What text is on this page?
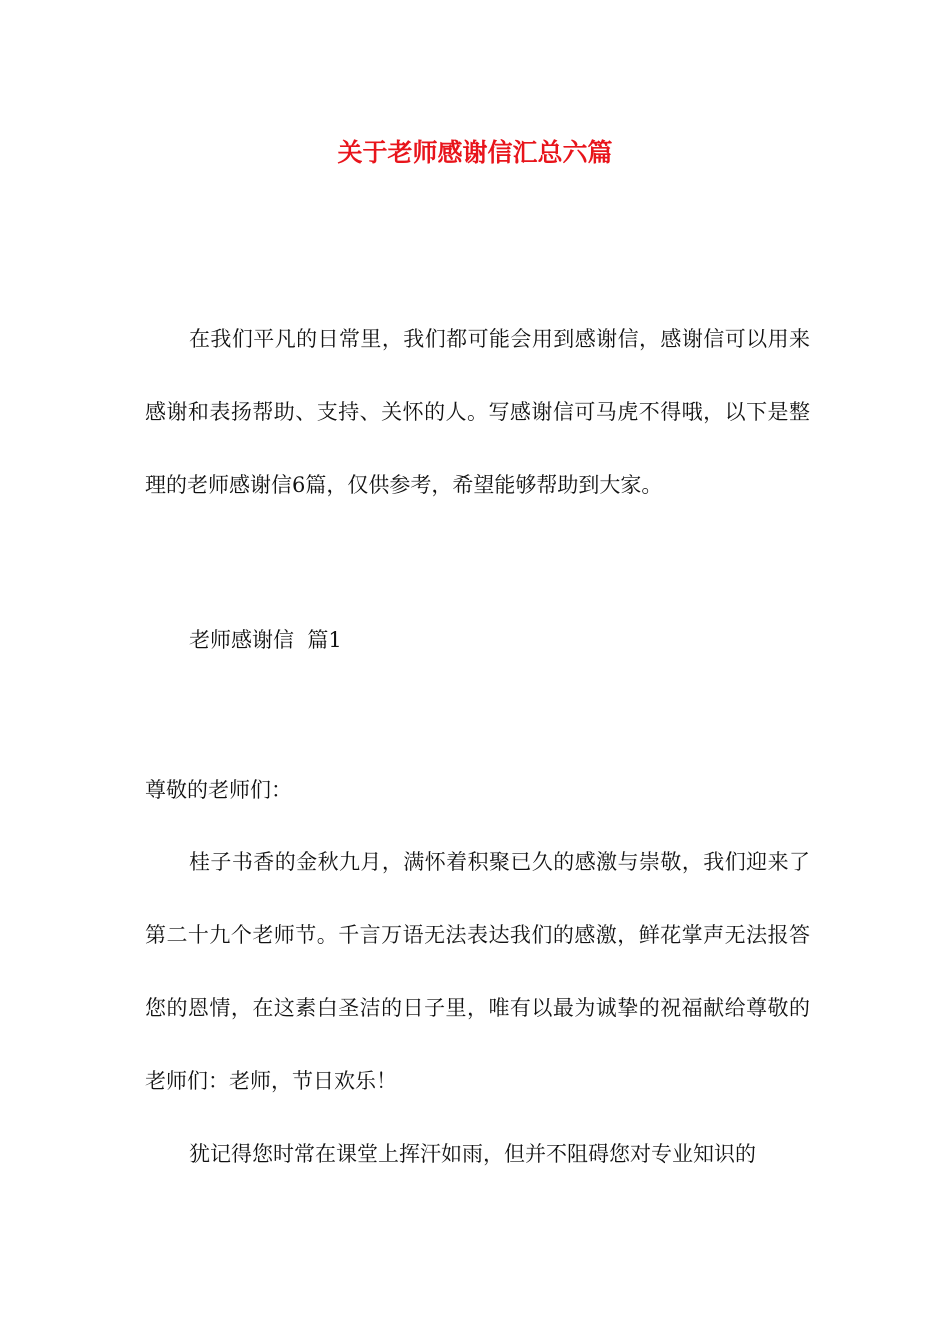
关于老师感谢信汇总六篇

在我们平凡的日常里，我们都可能会用到感谢信，感谢信可以用来感谢和表扬帮助、支持、关怀的人。写感谢信可马虎不得哦，以下是整理的老师感谢信6篇，仅供参考，希望能够帮助到大家。

老师感谢信  篇1

尊敬的老师们：

桂子书香的金秋九月，满怀着积聚已久的感激与崇敬，我们迎来了第二十九个老师节。千言万语无法表达我们的感激，鲜花掌声无法报答您的恩情，在这素白圣洁的日子里，唯有以最为诚挚的祝福献给尊敬的老师们：老师，节日欢乐！

犹记得您时常在课堂上挥汗如雨，但并不阻碍您对专业知识的
